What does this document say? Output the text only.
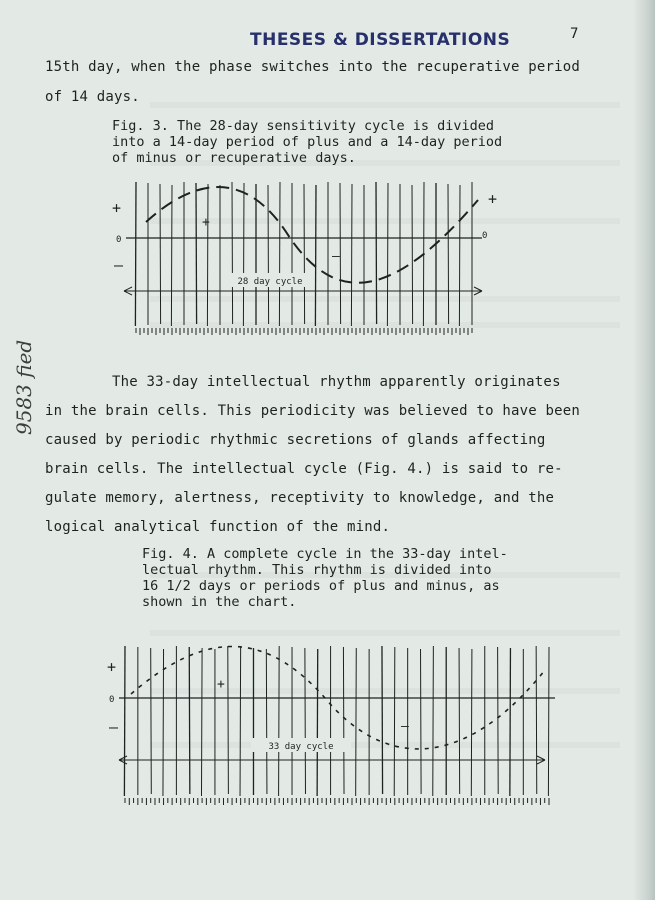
THESES & DISSERTATIONS	7
15th day, when the phase switches into the recuperative period
of 14 days.
Fig. 3. The 28-day sensitivity cycle is divided
into a 14-day period of plus and a 14-day period
of minus or recuperative days.
28 day cycle
+	+
0	0
–
+
–
The 33-day intellectual rhythm apparently originates
in the brain cells. This periodicity was believed to have been
caused by periodic rhythmic secretions of glands affecting
brain cells. The intellectual cycle (Fig. 4.) is said to re-
gulate memory, alertness, receptivity to knowledge, and the
logical analytical function of the mind.
Fig. 4. A complete cycle in the 33-day intel-
lectual rhythm. This rhythm is divided into
16 1/2 days or periods of plus and minus, as
shown in the chart.
33 day cycle
+
0
–
+
–
9583 fied
